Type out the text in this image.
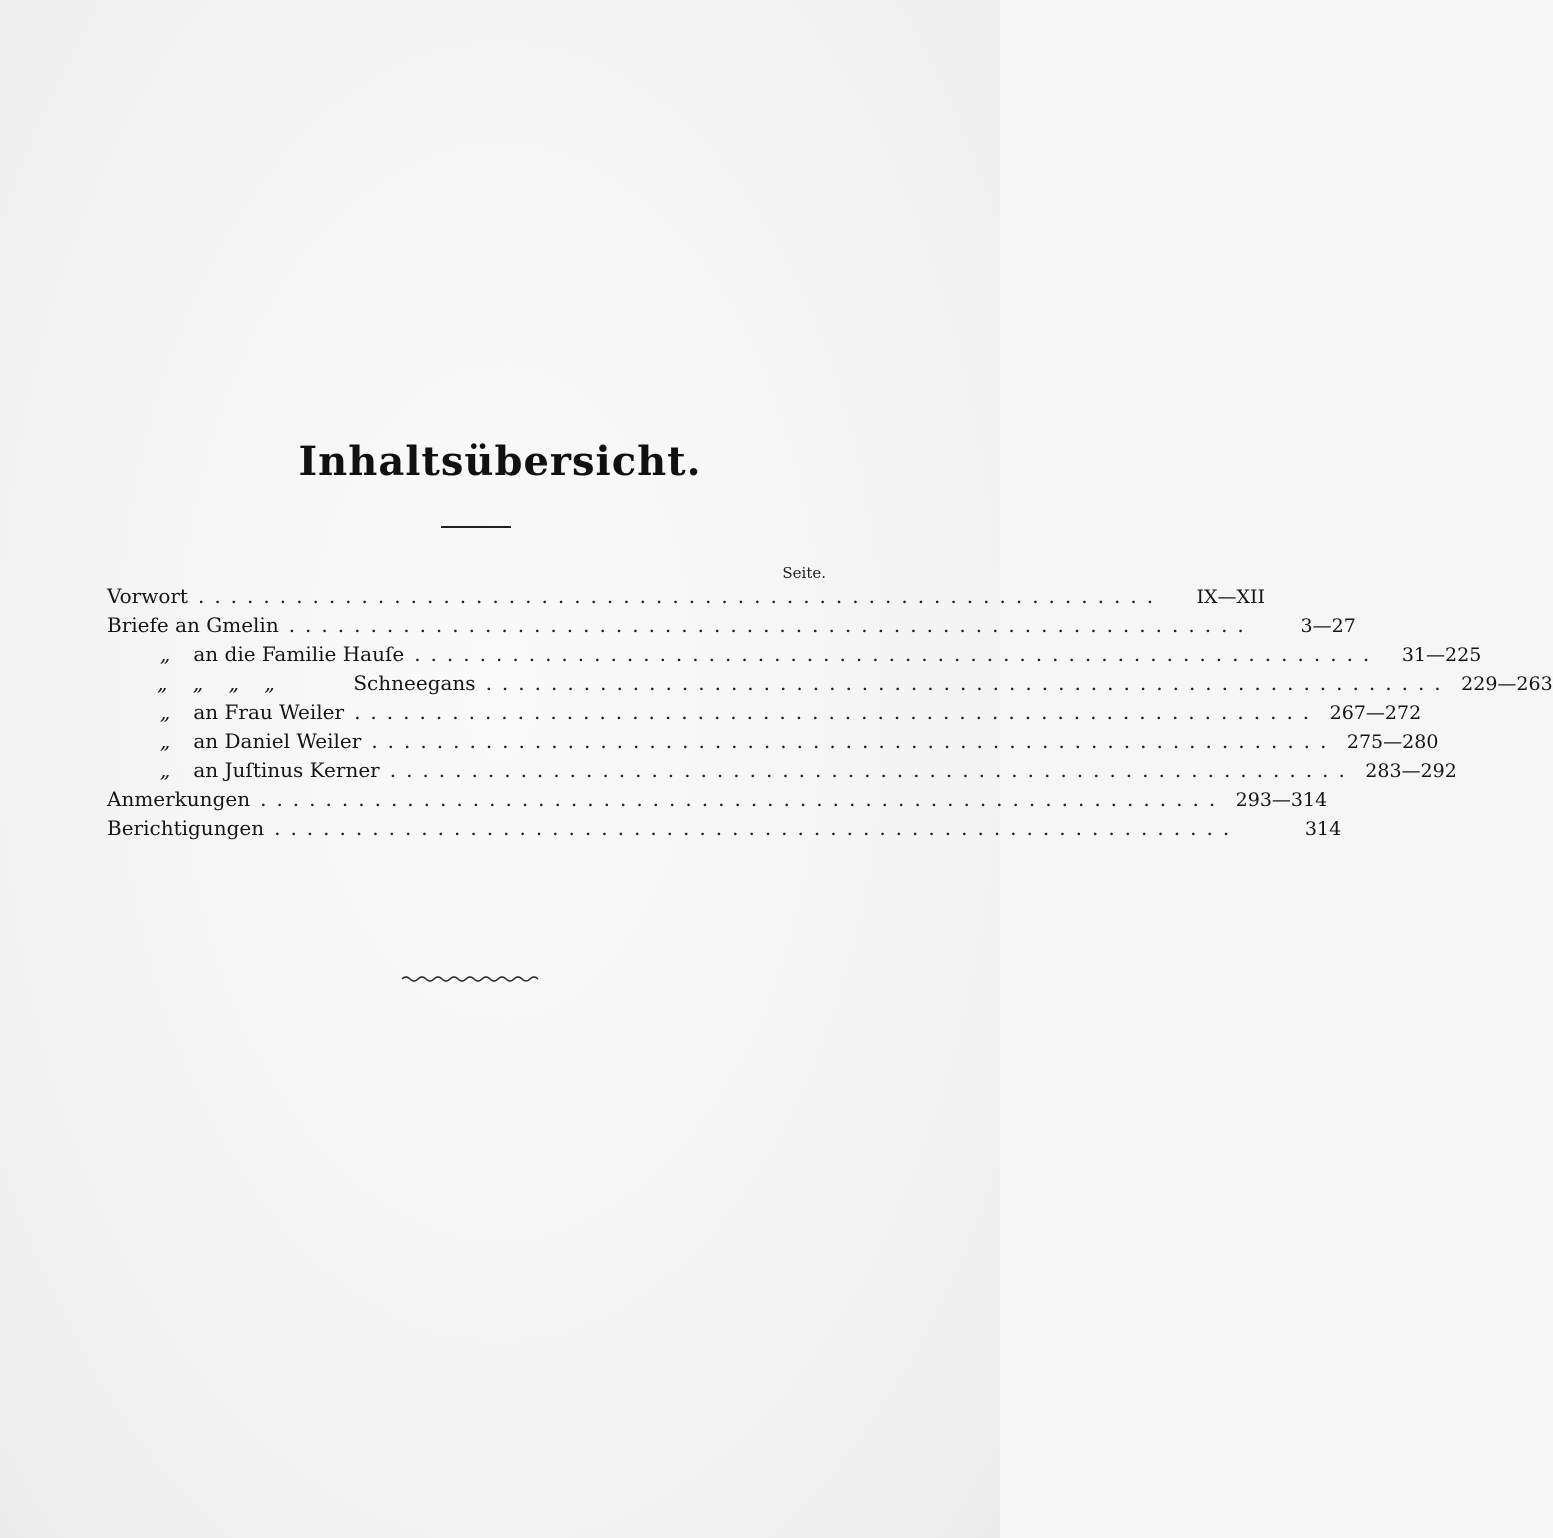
Inhaltsübersicht.
Seite.
Vorwort ...........................................................	IX—XII
Briefe an Gmelin ...........................................................	3—27
„ an die Familie Hauſe ...........................................................	31—225
„    „    „    „	Schneegans ........................................................... 229—263
„ an Frau Weiler ........................................................... 267—272
„ an Daniel Weiler ........................................................... 275—280
„ an Juſtinus Kerner ........................................................... 283—292
Anmerkungen ........................................................... 293—314
Berichtigungen ...........................................................	314
